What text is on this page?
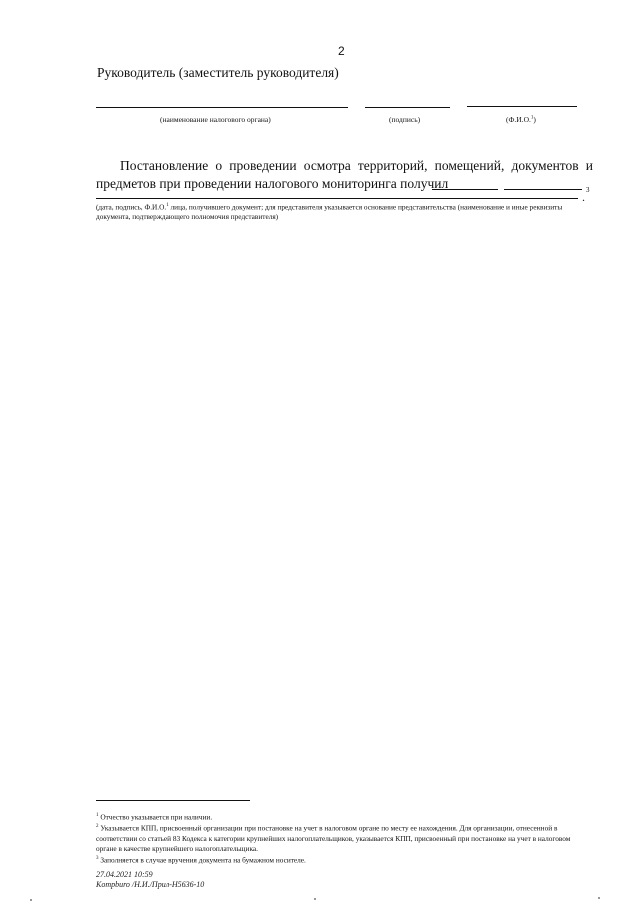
2
Руководитель (заместитель руководителя)
(наименование налогового органа)	(подпись)	(Ф.И.О.$^1$)
Постановление о проведении осмотра территорий, помещений, документов и
предметов при проведении налогового мониторинга получил
. 3
(дата, подпись, Ф.И.О.$^1$ лица, получившего документ; для представителя указывается основание представительства (наименование и иные реквизиты документа, подтверждающего полномочия представителя)

$^1$ Отчество указывается при наличии.

$^2$ Указывается КПП, присвоенный организации при постановке на учет в налоговом органе по месту ее нахождения. Для организации, отнесенной в соответствии со статьей 83 Кодекса к категории крупнейших налогоплательщиков, указывается КПП, присвоенный при постановке на учет в налоговом органе в качестве крупнейшего налогоплательщика.

$^3$ Заполняется в случае вручения документа на бумажном носителе.

27.04.2021 10:59
Kompburo /Н.И./Прил-Н5636-10
